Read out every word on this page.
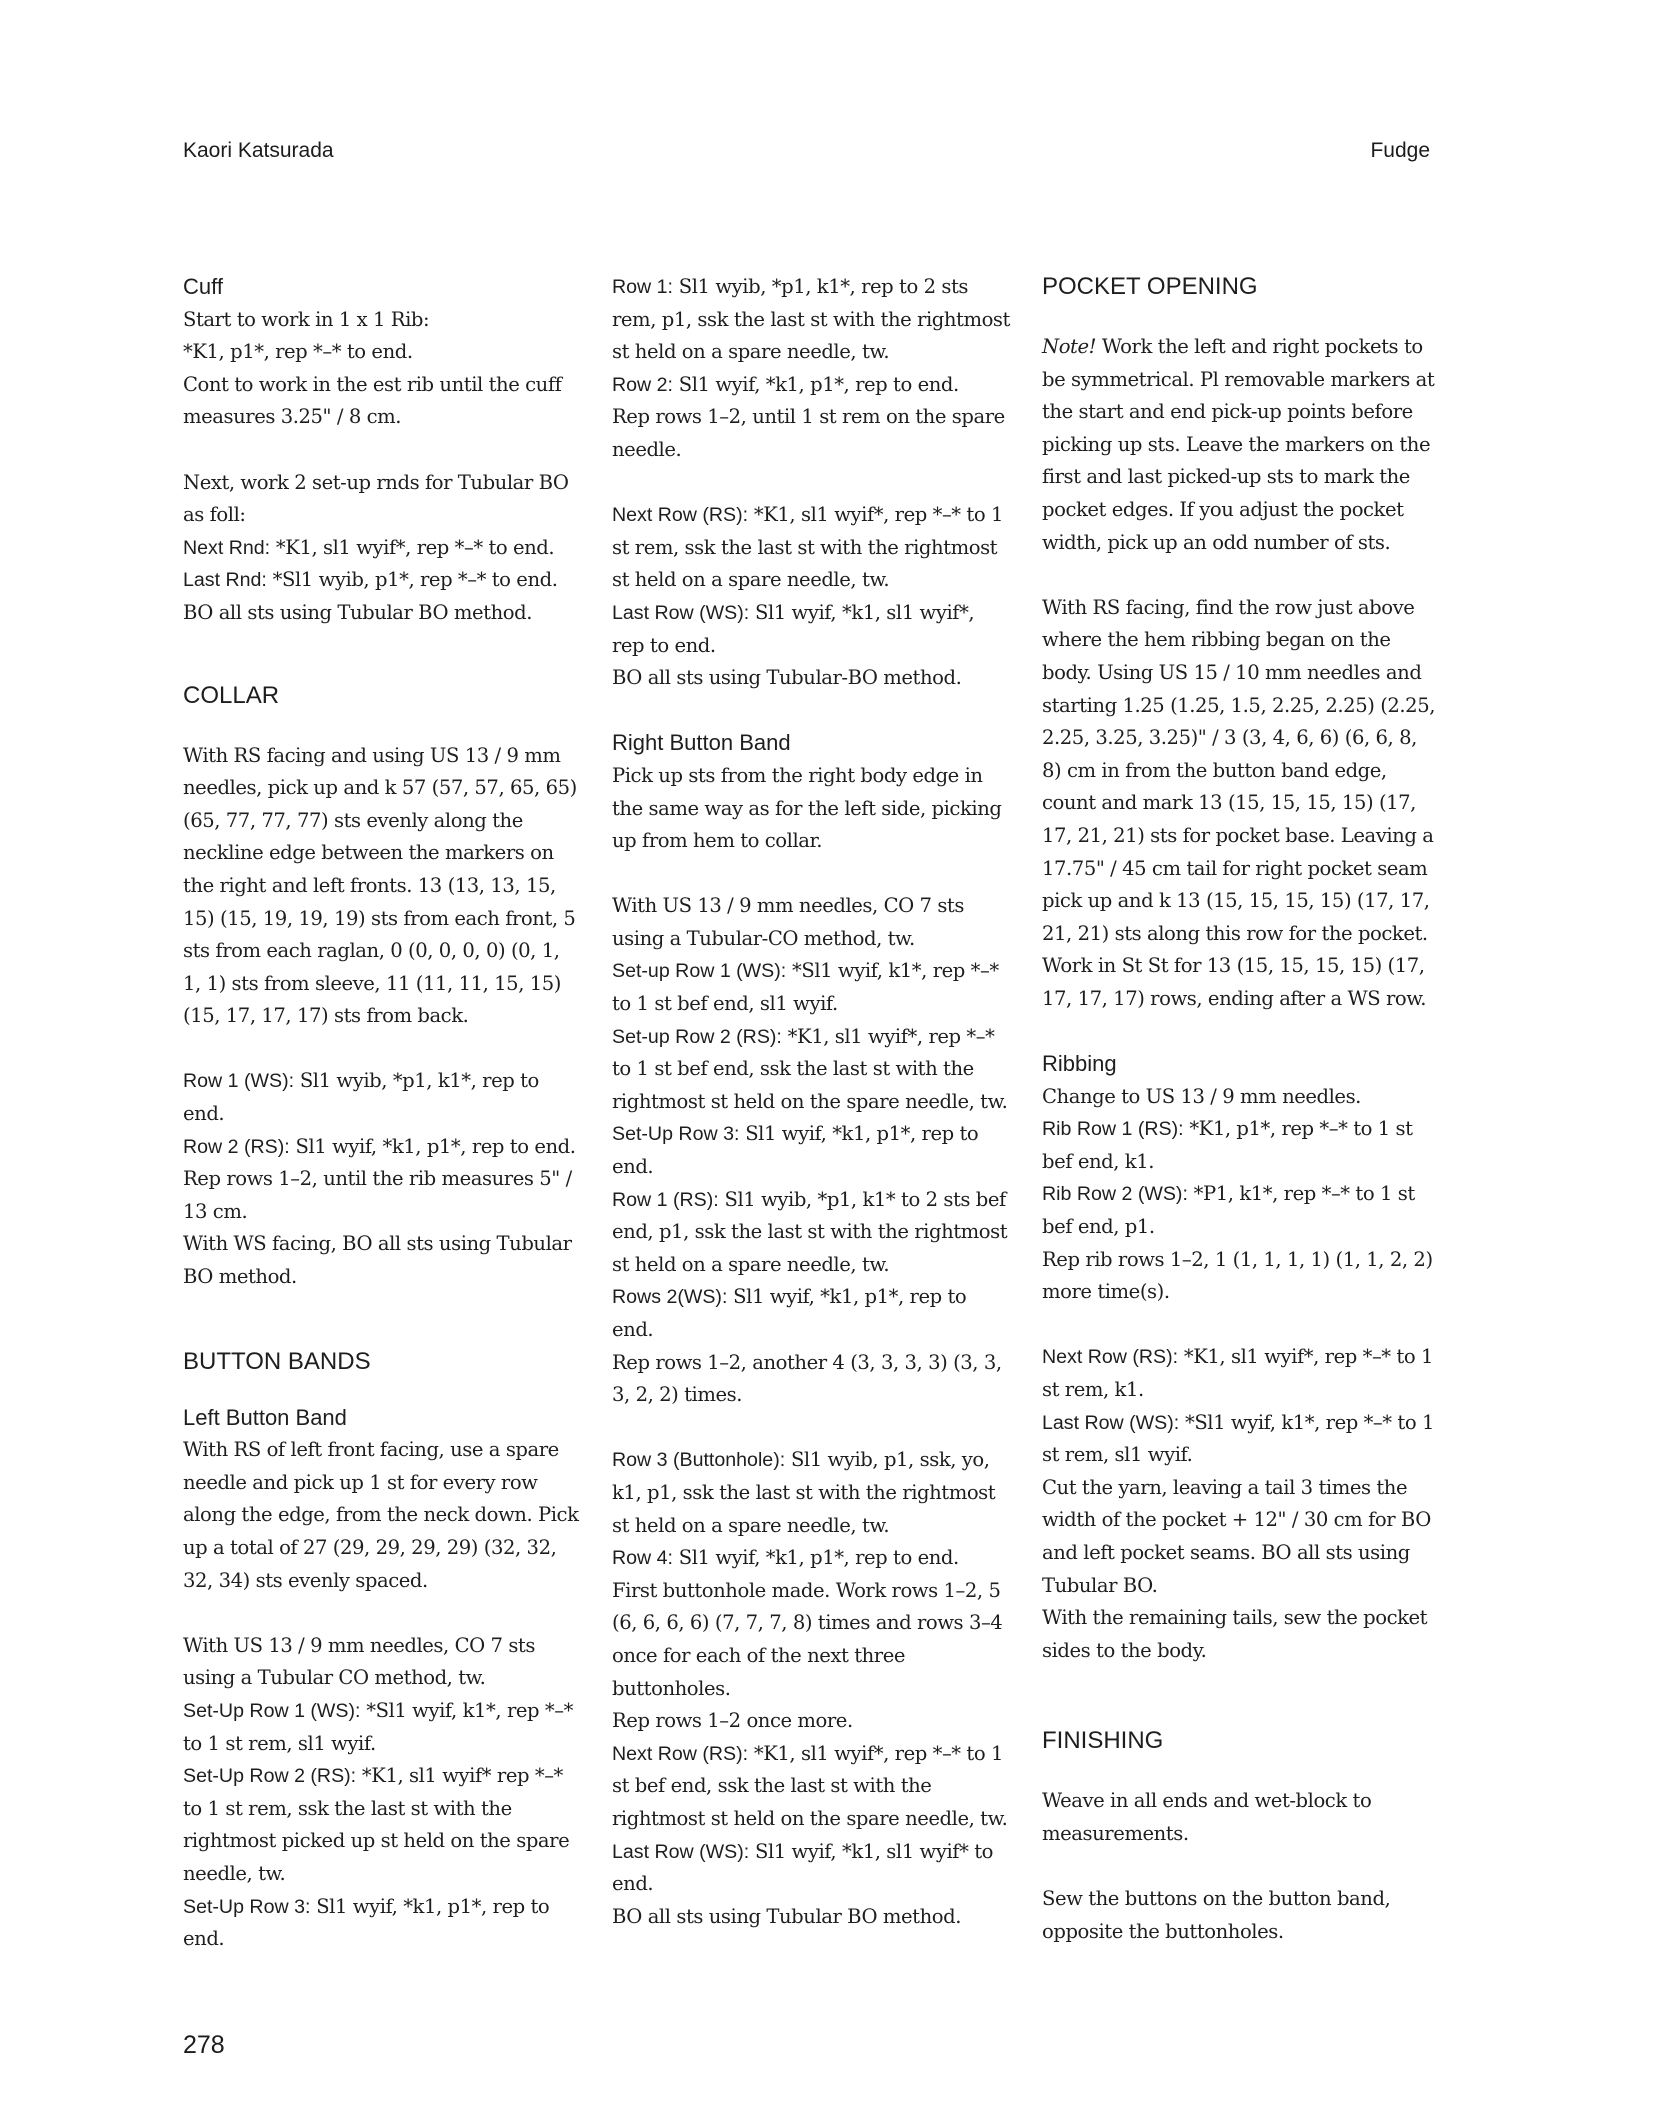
Kaori Katsurada	Fudge

Cuff

Start to work in 1 x 1 Rib:

*K1, p1*, rep *–* to end.

Cont to work in the est rib until the cuff measures 3.25" / 8 cm.

Next, work 2 set-up rnds for Tubular BO as foll:

Next Rnd: *K1, sl1 wyif*, rep *–* to end.

Last Rnd: *Sl1 wyib, p1*, rep *–* to end.

BO all sts using Tubular BO method.

COLLAR

With RS facing and using US 13 / 9 mm needles, pick up and k 57 (57, 57, 65, 65) (65, 77, 77, 77) sts evenly along the neckline edge between the markers on the right and left fronts. 13 (13, 13, 15, 15) (15, 19, 19, 19) sts from each front, 5 sts from each raglan, 0 (0, 0, 0, 0) (0, 1, 1, 1) sts from sleeve, 11 (11, 11, 15, 15) (15, 17, 17, 17) sts from back.

Row 1 (WS): Sl1 wyib, *p1, k1*, rep to end.

Row 2 (RS): Sl1 wyif, *k1, p1*, rep to end.

Rep rows 1–2, until the rib measures 5" / 13 cm.

With WS facing, BO all sts using Tubular BO method.

BUTTON BANDS

Left Button Band

With RS of left front facing, use a spare needle and pick up 1 st for every row along the edge, from the neck down. Pick up a total of 27 (29, 29, 29, 29) (32, 32, 32, 34) sts evenly spaced.

With US 13 / 9 mm needles, CO 7 sts using a Tubular CO method, tw.

Set-Up Row 1 (WS): *Sl1 wyif, k1*, rep *–* to 1 st rem, sl1 wyif.

Set-Up Row 2 (RS): *K1, sl1 wyif* rep *–* to 1 st rem, ssk the last st with the rightmost picked up st held on the spare needle, tw.

Set-Up Row 3: Sl1 wyif, *k1, p1*, rep to end.

Row 1: Sl1 wyib, *p1, k1*, rep to 2 sts rem, p1, ssk the last st with the rightmost st held on a spare needle, tw.

Row 2: Sl1 wyif, *k1, p1*, rep to end.

Rep rows 1–2, until 1 st rem on the spare needle.

Next Row (RS): *K1, sl1 wyif*, rep *–* to 1 st rem, ssk the last st with the rightmost st held on a spare needle, tw.

Last Row (WS): Sl1 wyif, *k1, sl1 wyif*, rep to end.

BO all sts using Tubular-BO method.

Right Button Band

Pick up sts from the right body edge in the same way as for the left side, picking up from hem to collar.

With US 13 / 9 mm needles, CO 7 sts using a Tubular-CO method, tw.

Set-up Row 1 (WS): *Sl1 wyif, k1*, rep *–* to 1 st bef end, sl1 wyif.

Set-up Row 2 (RS): *K1, sl1 wyif*, rep *–* to 1 st bef end, ssk the last st with the rightmost st held on the spare needle, tw.

Set-Up Row 3: Sl1 wyif, *k1, p1*, rep to end.

Row 1 (RS): Sl1 wyib, *p1, k1* to 2 sts bef end, p1, ssk the last st with the rightmost st held on a spare needle, tw.

Rows 2(WS): Sl1 wyif, *k1, p1*, rep to end.

Rep rows 1–2, another 4 (3, 3, 3, 3) (3, 3, 3, 2, 2) times.

Row 3 (Buttonhole): Sl1 wyib, p1, ssk, yo, k1, p1, ssk the last st with the rightmost st held on a spare needle, tw.

Row 4: Sl1 wyif, *k1, p1*, rep to end.

First buttonhole made. Work rows 1–2, 5 (6, 6, 6, 6) (7, 7, 7, 8) times and rows 3–4 once for each of the next three buttonholes.

Rep rows 1–2 once more.

Next Row (RS): *K1, sl1 wyif*, rep *–* to 1 st bef end, ssk the last st with the rightmost st held on the spare needle, tw.

Last Row (WS): Sl1 wyif, *k1, sl1 wyif* to end.

BO all sts using Tubular BO method.

POCKET OPENING

Note! Work the left and right pockets to be symmetrical. Pl removable markers at the start and end pick-up points before picking up sts. Leave the markers on the first and last picked-up sts to mark the pocket edges. If you adjust the pocket width, pick up an odd number of sts.

With RS facing, find the row just above where the hem ribbing began on the body. Using US 15 / 10 mm needles and starting 1.25 (1.25, 1.5, 2.25, 2.25) (2.25, 2.25, 3.25, 3.25)" / 3 (3, 4, 6, 6) (6, 6, 8, 8) cm in from the button band edge, count and mark 13 (15, 15, 15, 15) (17, 17, 21, 21) sts for pocket base. Leaving a 17.75" / 45 cm tail for right pocket seam pick up and k 13 (15, 15, 15, 15) (17, 17, 21, 21) sts along this row for the pocket. Work in St St for 13 (15, 15, 15, 15) (17, 17, 17, 17) rows, ending after a WS row.

Ribbing

Change to US 13 / 9 mm needles.

Rib Row 1 (RS): *K1, p1*, rep *–* to 1 st bef end, k1.

Rib Row 2 (WS): *P1, k1*, rep *–* to 1 st bef end, p1.

Rep rib rows 1–2, 1 (1, 1, 1, 1) (1, 1, 2, 2) more time(s).

Next Row (RS): *K1, sl1 wyif*, rep *–* to 1 st rem, k1.

Last Row (WS): *Sl1 wyif, k1*, rep *–* to 1 st rem, sl1 wyif.

Cut the yarn, leaving a tail 3 times the width of the pocket + 12" / 30 cm for BO and left pocket seams. BO all sts using Tubular BO.

With the remaining tails, sew the pocket sides to the body.

FINISHING

Weave in all ends and wet-block to measurements.

Sew the buttons on the button band, opposite the buttonholes.

278
